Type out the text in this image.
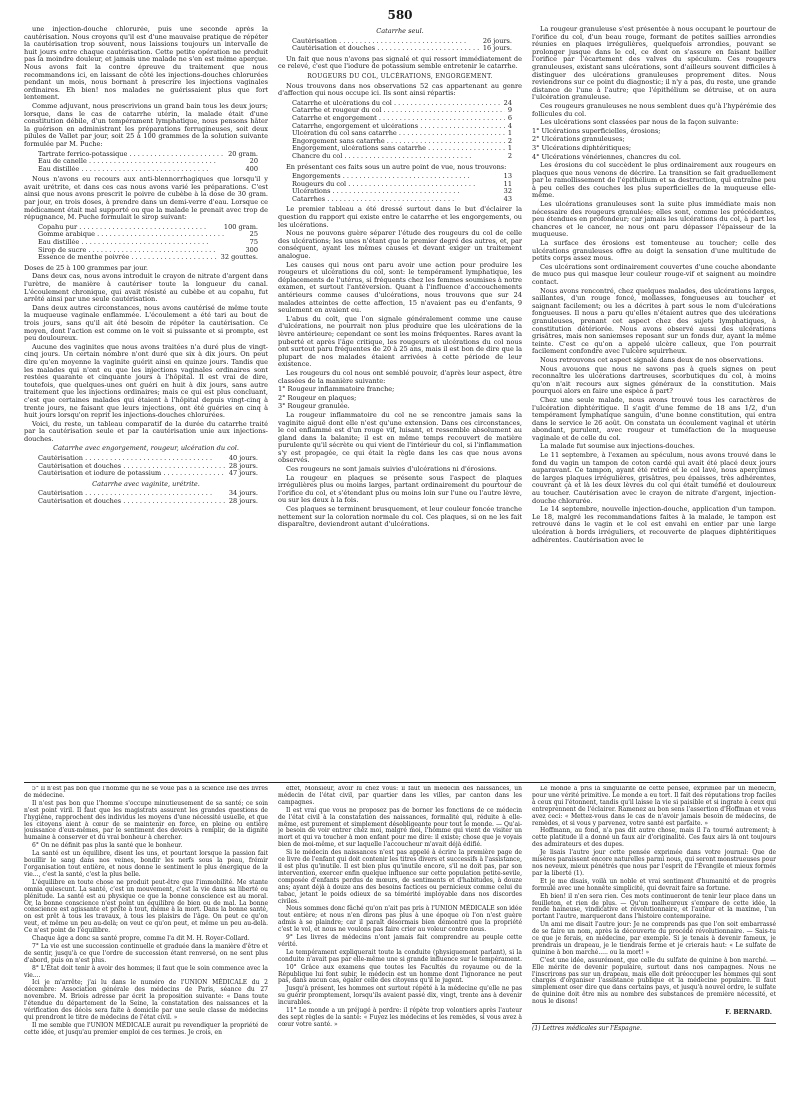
580

une injection-douche chlorurée, puis une seconde après la cautérisation. Nous croyons qu'il est d'une mauvaise pratique de répéter la cautérisation trop souvent, nous laissions toujours un intervalle de huit jours entre chaque cautérisation. Cette petite opération ne produit pas la moindre douleur, et jamais une malade ne s'en est même aperçue. Nous avons fait la contre épreuve du traitement que nous recommandons ici, en laissant de côté les injections-douches chlorurées pendant un mois, nous bornant à prescrire les injections vaginales ordinaires. Eh bien! nos malades ne guérissaient plus que fort lentement.

Comme adjuvant, nous prescrivions un grand bain tous les deux jours; lorsque, dans le cas de catarrhe utérin, la malade était d'une constitution débile, d'un tempérament lymphatique, nous pensons hâter la guérison en administrant les préparations ferrugineuses, soit deux pilules de Vallet par jour, soit 25 à 100 grammes de la solution suivante formulée par M. Puche:

Tartrate ferrico-potassique . . .	20 gram.
Eau de canelle . . .	20
Eau distillée . . .	400

Nous n'avons eu recours aux anti-blennorrhagiques que lorsqu'il y avait urétrite, et dans ces cas nous avons varié les préparations. C'est ainsi que nous avons prescrit le poivre de cubèbe à la dose de 30 gram. par jour, en trois doses, à prendre dans un demi-verre d'eau. Lorsque ce médicament était mal supporté ou que la malade le prenait avec trop de répugnance, M. Puche formulait le sirop suivant:

Copahu pur . . .	100 gram.
Gomme arabique . . .	25
Eau distillée . . .	75
Sirop de sucre . . .	300
Essence de menthe poivrée . . .	32 gouttes.

Doses de 25 à 100 grammes par jour.

Dans deux cas, nous avons introduit le crayon de nitrate d'argent dans l'urètre, de manière à cautériser toute la longueur du canal. L'écoulement chronique, qui avait résisté au cubèbe et au copahu, fut arrêté ainsi par une seule cautérisation.

Dans deux autres circonstances, nous avons cautérisé de même toute la muqueuse vaginale enflammée. L'écoulement a été tari au bout de trois jours, sans qu'il ait été besoin de répéter la cautérisation. Ce moyen, dont l'action est comme on le voit si puissante et si prompte, est peu douloureux.

Aucune des vaginites que nous avons traitées n'a duré plus de vingt-cinq jours. Un certain nombre n'ont duré que six à dix jours. On peut dire qu'en moyenne la vaginite guérit ainsi en quinze jours. Tandis que les malades qui n'ont eu que les injections vaginales ordinaires sont restées quarante et cinquante jours à l'hôpital. Il est vrai de dire, toutefois, que quelques-unes ont guéri en huit à dix jours, sans autre traitement que les injections ordinaires; mais ce qui est plus concluant, c'est que certaines malades qui étaient à l'hôpital depuis vingt-cinq à trente jours, ne faisant que leurs injections, ont été guéries en cinq à huit jours lorsqu'on reprit les injections-douches chlorurées.

Voici, du reste, un tableau comparatif de la durée du catarrhe traité par la cautérisation seule et par la cautérisation unie aux injections-douches.

Catarrhe avec engorgement, rougeur, ulcération du col.
Cautérisation . . .	40 jours.
Cautérisation et douches . . .	28 jours.
Cautérisation et iodure de potassium . . .	47 jours.
Catarrhe avec vaginite, urétrite.
Cautérisation . . .	34 jours.
Cautérisation et douches . . .	28 jours.
Catarrhe seul.
Cautérisation . . .	26 jours.
Cautérisation et douches . . .	16 jours.

Un fait que nous n'avons pas signalé et qui ressort immédiatement de ce relevé, c'est que l'iodure de potassium semble entretenir le catarrhe.

ROUGEURS DU COL, ULCÉRATIONS, ENGORGEMENT.

Nous trouvons dans nos observations 52 cas appartenant au genre d'affection qui nous occupe ici. Ils sont ainsi répartis:

Catarrhe et ulcérations du col . . .	24
Catarrhe et rougeur du col . . .	9
Catarrhe et engorgement . . .	6
Catarrhe, engorgement et ulcérations . . .	4
Ulcération du col sans catarrhe . . .	1
Engorgement sans catarrhe . . .	2
Engorgement, ulcérations sans catarrhe . . .	1
Chancre du col . . .	2

En présentant ces faits sous un autre point de vue, nous trouvons:

Engorgements . . .	13
Rougeurs du col . . .	11
Ulcérations . . .	32
Catarrhes . . .	43

Le premier tableau a été dressé surtout dans le but d'éclairer la question du rapport qui existe entre le catarrhe et les engorgements, ou les ulcérations.

Nous ne pouvons guère séparer l'étude des rougeurs du col de celle des ulcérations; les unes n'étant que le premier degré des autres, et, par conséquent, ayant les mêmes causes et devant exiger un traitement analogue.

Les causes qui nous ont paru avoir une action pour produire les rougeurs et ulcérations du col, sont: le tempérament lymphatique, les déplacements de l'utérus, si fréquents chez les femmes soumises à notre examen, et surtout l'antéversion. Quant à l'influence d'accouchements antérieurs comme causes d'ulcérations, nous trouvons que sur 24 malades atteintes de cette affection, 15 n'avaient pas eu d'enfants, 9 seulement en avaient eu.

L'abus du coït, que l'on signale généralement comme une cause d'ulcérations, ne pourrait non plus produire que les ulcérations de la lèvre antérieure; cependant ce sont les moins fréquentes. Rares avant la puberté et après l'âge critique, les rougeurs et ulcérations du col nous ont surtout paru fréquentes de 20 à 25 ans, mais il est bon de dire que la plupart de nos malades étaient arrivées à cette période de leur existence.

Les rougeurs du col nous ont semblé pouvoir, d'après leur aspect, être classées de la manière suivante:

1° Rougeur inflammatoire franche;

2° Rougeur en plaques;

3° Rougeur granulée.

La rougeur inflammatoire du col ne se rencontre jamais sans la vaginite aiguë dont elle n'est qu'une extension. Dans ces circonstances, le col enflammé est d'un rouge vif, luisant, et ressemble absolument au gland dans la balanite; il est en même temps recouvert de matière purulente qu'il sécrète ou qui vient de l'intérieur du col, si l'inflammation s'y est propagée, ce qui était la règle dans les cas que nous avons observés.

Ces rougeurs ne sont jamais suivies d'ulcérations ni d'érosions.

La rougeur en plaques se présente sous l'aspect de plaques irrégulières plus ou moins larges, partant ordinairement du pourtour de l'orifice du col, et s'étendant plus ou moins loin sur l'une ou l'autre lèvre, ou sur les deux à la fois.

Ces plaques se terminent brusquement, et leur couleur foncée tranche nettement sur la coloration normale du col. Ces plaques, si on ne les fait disparaître, deviendront autant d'ulcérations.

La rougeur granuleuse s'est présentée à nous occupant le pourtour de l'orifice du col, d'un beau rouge, formant de petites saillies arrondies réunies en plaques irrégulières, quelquefois arrondies, pouvant se prolonger jusque dans le col, ce dont on s'assure en faisant bailler l'orifice par l'écartement des valves du spéculum. Ces rougeurs granuleuses, existant sans ulcérations, sont d'ailleurs souvent difficiles à distinguer des ulcérations granuleuses proprement dites. Nous reviendrons sur ce point du diagnostic; il n'y a pas, du reste, une grande distance de l'une à l'autre; que l'épithélium se détruise, et on aura l'ulcération granuleuse.

Ces rougeurs granuleuses ne nous semblent dues qu'à l'hypérémie des follicules du col.

Les ulcérations sont classées par nous de la façon suivante:

1° Ulcérations superficielles, érosions;

2° Ulcérations granuleuses;

3° Ulcérations diphtéritiques;

4° Ulcérations vénériennes, chancres du col.

Les érosions du col succèdent le plus ordinairement aux rougeurs en plaques que nous venons de décrire. La transition se fait graduellement par le ramollissement de l'épithélium et sa destruction, qui entraîne peu à peu celles des couches les plus superficielles de la muqueuse elle-même.

Les ulcérations granuleuses sont la suite plus immédiate mais non nécessaire des rougeurs granulées; elles sont, comme les précédentes, peu étendues en profondeur; car jamais les ulcérations du col, à part les chancres et le cancer, ne nous ont paru dépasser l'épaisseur de la muqueuse.

La surface des érosions est tomenteuse au toucher; celle des ulcérations granuleuses offre au doigt la sensation d'une multitude de petits corps assez mous.

Ces ulcérations sont ordinairement couvertes d'une couche abondante de muco pus qui masque leur couleur rouge-vif et saignent au moindre contact.

Nous avons rencontré, chez quelques malades, des ulcérations larges, saillantes, d'un rouge foncé, mollasses, fongueuses au toucher et saignant facilement; ou les a décrites à part sous le nom d'ulcérations fongueuses. Il nous a paru qu'elles n'étaient autres que des ulcérations granuleuses, prenant cet aspect chez des sujets lymphatiques, à constitution détériorée. Nous avons observé aussi des ulcérations grisâtres, mais non saniemses reposant sur un fonds dur, ayant la même teinte. C'est ce qu'on a appelé ulcère calleux, que l'on pourrait facilement confondre avec l'ulcère squirrheux.

Nous retrouvons cet aspect signalé dans deux de nos observations.

Nous avouons que nous ne savons pas à quels signes on peut reconnaître les ulcérations dartreuses, scorbutiques du col, à moins qu'on n'ait recours aux signes généraux de la constitution. Mais pourquoi alors en faire une espèce à part?

Chez une seule malade, nous avons trouvé tous les caractères de l'ulcération diphtéritique. Il s'agit d'une femme de 18 ans 1/2, d'un tempérament lymphatique sanguin, d'une bonne constitution, qui entra dans le service le 26 août. On constata un écoulement vaginal et utérin abondant, purulent, avec rougeur et tuméfaction de la muqueuse vaginale et de celle du col.

La malade fut soumise aux injections-douches.

Le 11 septembre, à l'examen au spéculum, nous avons trouvé dans le fond du vagin un tampon de coton cardé qui avait été placé deux jours auparavant. Ce tampon, ayant été retiré et le col lavé, nous aperçûmes de larges plaques irrégulières, grisâtres, peu épaisses, très adhérentes, couvrant çà et là les deux lèvres du col qui était tuméfié et douloureux au toucher. Cautérisation avec le crayon de nitrate d'argent, injection-douche chlorurée.

Le 14 septembre, nouvelle injection-douche, application d'un tampon. Le 18, malgré les recommandations faites à la malade, le tampon est retrouvé dans le vagin et le col est envahi en entier par une large ulcération à bords irréguliers, et recouverte de plaques diphtéritiques adhérentes. Cautérisation avec le

5° Il n'est pas bon que l'homme qui ne se voue pas à la science lise des livres de médecine.

Il n'est pas bon que l'homme s'occupe minutieusement de sa santé; ce soin n'est point viril. Il faut que les magistrats assurent les grandes questions de l'hygiène, rapprochent des individus les moyens d'une nécessité usuelle, et que les citoyens aient à cœur de se maintenir en force, en pleine ou entière jouissance d'eux-mêmes, par le sentiment des devoirs à remplir, de la dignité humaine à conserver et du vrai bonheur à chercher.

6° On ne définit pas plus la santé que le bonheur.

La santé est un équilibre, disent les uns, et pourtant lorsque la passion fait bouillir le sang dans nos veines, bondir les nerfs sous la peau, frémir l'organisation tout entière, et nous donne le sentiment le plus énergique de la vie..., c'est la santé, c'est la plus belle.

L'équilibre en toute chose ne produit peut-être que l'immobilité. Me stante omnia quiescunt. La santé, c'est un mouvement, c'est la vie dans sa liberté ou plénitude. La santé est au physique ce que la bonne conscience est au moral. Or, la bonne conscience n'est point un équilibre de bien ou de mal. La bonne conscience est agissante et prête à tout, même à la mort. Dans la bonne santé, on est prêt à tous les travaux, à tous les plaisirs de l'âge. On peut ce qu'on veut, et même un peu au-delà; on veut ce qu'on peut, et même un peu au-delà. Ce n'est point de l'équilibre.

Chaque âge a donc sa santé propre, comme l'a dit M. H. Royer-Collard.

7° La vie est une succession continuelle et graduée dans la manière d'être et de sentir, jusqu'à ce que l'ordre de succession étant renversé, on ne sent plus d'abord, puis on n'est plus.

8° L'État doit tenir à avoir des hommes; il faut que le soin commence avec la vie....

Ici je m'arrête; j'ai lu dans le numéro de l'UNION MÉDICALE du 2 décembre: Association générale des médecins de Paris, séance du 27 novembre. M. Briois adresse par écrit la proposition suivante: « Dans toute l'étendue du département de la Seine, la constatation des naissances et la vérification des décès sera faite à domicile par une seule classe de médecins qui prendront le titre de médecins de l'état civil. »

Il me semble que l'UNION MÉDICALE aurait pu revendiquer la propriété de cette idée, et jusqu'au premier emploi de ces termes. Je crois, en

effet, Monsieur, avoir lu chez vous: il faut un médecin des naissances, un médecin de l'état civil, par quartier dans les villes, par canton dans les campagnes.

Il est vrai que vous ne proposez pas de borner les fonctions de ce médecin de l'état civil à la constatation des naissances, formalité qui, réduite à elle-même, est purement et simplement désobligeante pour tout le monde. — Qu'ai-je besoin de voir entrer chez moi, malgré moi, l'homme qui vient de visiter un mort et qui va toucher à mon enfant pour me dire: il existe; chose que je voyais bien de moi-même, et sur laquelle l'accoucheur m'avait déjà édifié.

Si le médecin des naissances n'est pas appelé à écrire la première page de ce livre de l'enfant qui doit contenir les titres divers et successifs à l'assistance, il est plus qu'inutile. Il est bien plus qu'inutile encore, s'il ne doit pas, par son intervention, exercer enfin quelque influence sur cette population petite-sevile, composée d'enfants perdus de mœurs, de sentiments et d'habitudes, à douze ans; ayant déjà à douze ans des besoins factices ou pernicieux comme celui du tabac, jetant le poids odieux de sa témérité imployable dans nos discordes civiles.

Nous sommes donc fâché qu'on n'ait pas pris à l'UNION MÉDICALE son idée tout entière; et nous n'en dirons pas plus à une époque où l'on n'est guère admis à se plaindre; car il paraît désormais bien démontré que la propriété c'est le vol, et nous ne voulons pas faire crier au voleur contre nous.

9° Les livres de médecins n'ont jamais fait comprendre au peuple cette vérité.

Le tempérament expliquerait toute la conduite (physiquement parlant), si la conduite n'avait pas par elle-même une si grande influence sur le tempérament.

10° Grâce aux examens que toutes les Facultés du royaume ou de la République lui font subir, le médecin est un homme dont l'ignorance ne peut pas, dans aucun cas, égaler celle des citoyens qu'il le jugent.

Jusqu'à présent, les hommes ont surtout répété à la médecine qu'elle ne pas su guérir promptement, lorsqu'ils avaient passé dix, vingt, trente ans à devenir incurables.

11° Le monde a un préjugé à perdre: il répète trop volontiers après l'auteur des sept règles de la santé: « Fuyez les médecins et les remèdes, si vous avez à cœur votre santé. »

Le monde a pris la singularité de cette pensée, exprimée par un médecin, pour une vérité primitive. Le monde a eu tort. Il fait des réputations trop faciles à ceux qui l'étonnent, tandis qu'il laisse la vie si paisible et si ingrate à ceux qui entreprennent de l'éclairer. Ramenez au bon sens l'assertion d'Hoffman et vous avez ceci: « Mettez-vous dans le cas de n'avoir jamais besoin de médecins, de remèdes, et si vous y parvenez, votre santé est parfaite. »

Hoffmann, au fond, n'a pas dit autre chose, mais il l'a tourné autrement; à cette platitude il a donné un faux air d'originalité. Ces faux airs là ont toujours des admirateurs et des dupes.

Je lisais l'autre jour cette pensée exprimée dans votre journal: Que de misères paraissent encore naturelles parmi nous, qui seront monstrueuses pour nos neveux, mieux pénétrés que nous par l'esprit de l'Évangile et mieux formés par la liberté (1).

Et je me disais, voilà un noble et vrai sentiment d'humanité et de progrès formulé avec une honnête simplicité, qui devrait faire sa fortune.

Eh bien! il n'en sera rien. Ces mots continueront de tenir leur place dans un feuilleton, et rien de plus. — Qu'un malheureux s'empare de cette idée, la rende haineuse, vindicative et révolutionnaire, et l'auteur et la maxime, l'un portant l'autre, marqueront dans l'histoire contemporaine.

Un ami me disait l'autre jour: Je ne comprends pas que l'on soit embarrassé de se faire un nom, après la découverte du procédé révolutionnaire. — Sais-tu ce que je ferais, en médecine, par exemple. Si je tenais à devenir fameux, je prendrais un drapeau, je le tiendrais ferme et je crierais haut: « Le sulfate de quinine à bon marché..... ou la mort! »

C'est une idée, assurément, que celle du sulfate de quinine à bon marché. — Elle mérite de devenir populaire, surtout dans nos campagnes. Nous ne l'inscrirons pas sur un drapeau, mais elle doit préoccuper les hommes qui sont chargés d'organiser l'assistance publique et la médecine populaire. Il faut simplement oser dire que dans certains pays, et jusqu'à nouvel ordre, le sulfate de quinine doit être mis au nombre des substances de première nécessité, et nous le disons!

F. BERNARD.
(1) Lettres médicales sur l'Espagne.
